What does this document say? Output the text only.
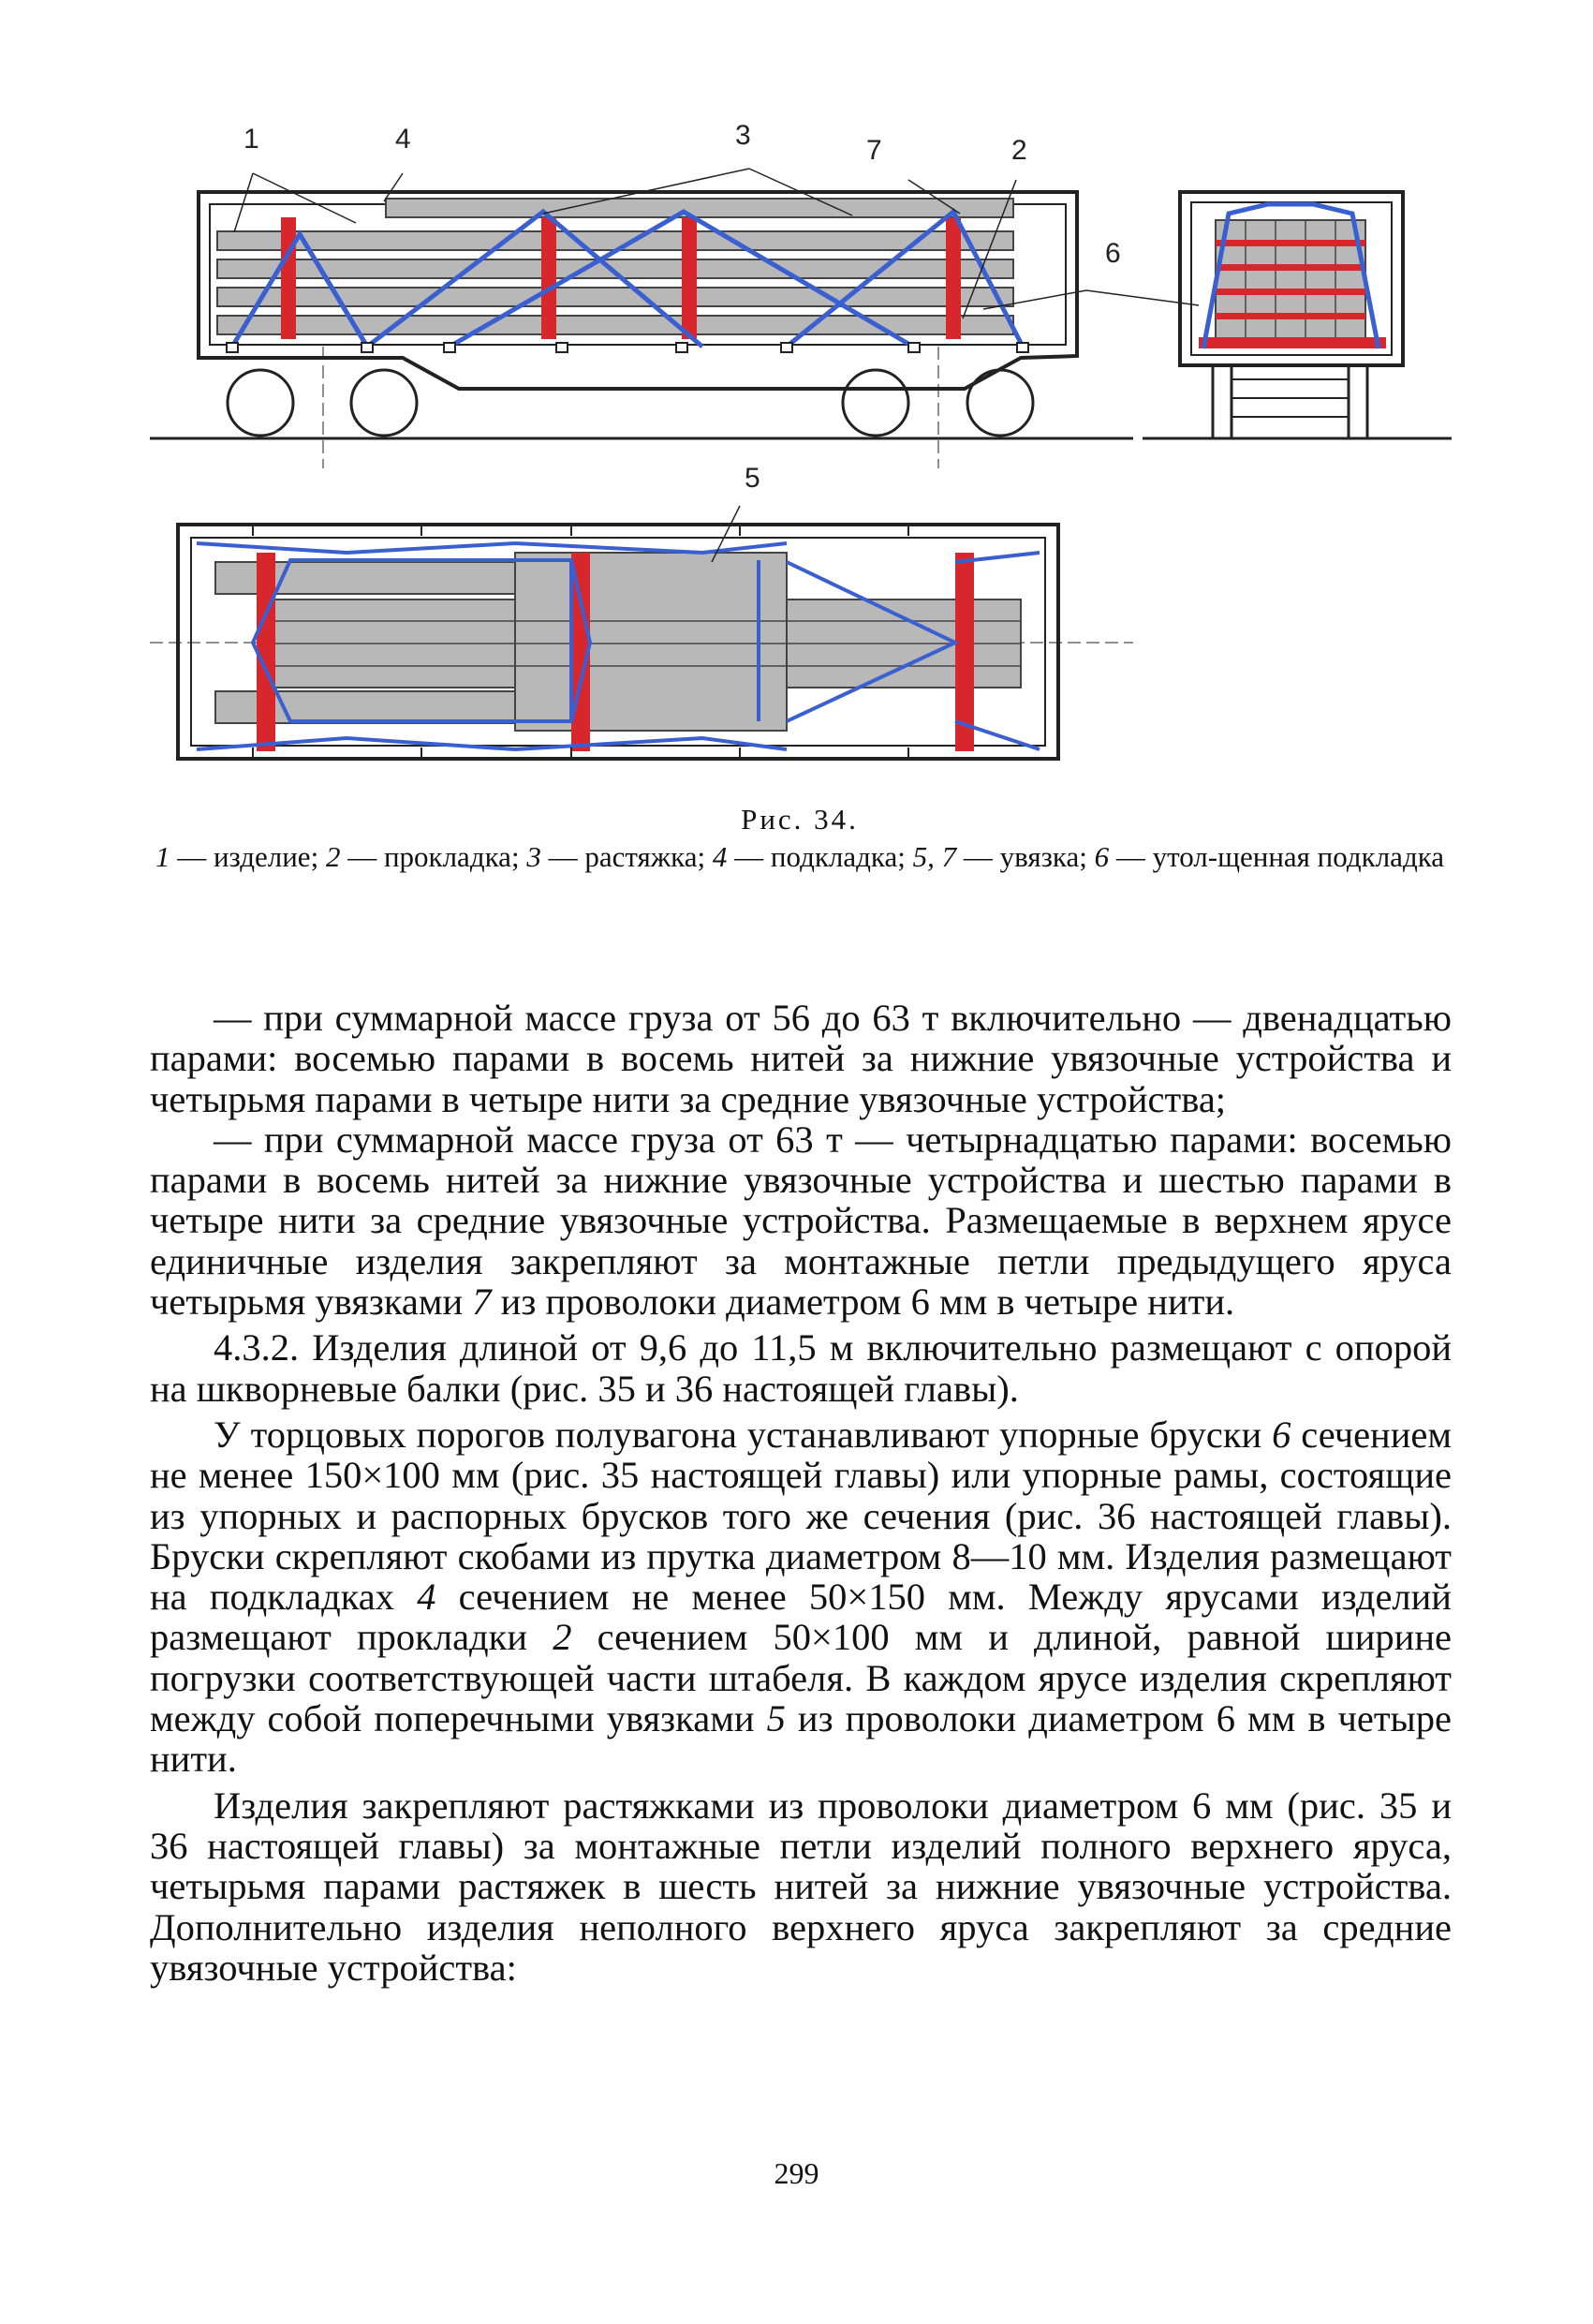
1	4	3	7	2
6
5
Рис. 34.
1 — изделие; 2 — прокладка; 3 — растяжка; 4 — подкладка; 5, 7 — увязка; 6 — утол-щенная подкладка

— при суммарной массе груза от 56 до 63 т включительно — двенадцатью парами: восемью парами в восемь нитей за нижние увязочные устройства и четырьмя парами в четыре нити за средние увязочные устройства;

— при суммарной массе груза от 63 т — четырнадцатью парами: восемью парами в восемь нитей за нижние увязочные устройства и шестью парами в четыре нити за средние увязочные устройства. Размещаемые в верхнем ярусе единичные изделия закрепляют за монтажные петли предыдущего яруса четырьмя увязками 7 из проволоки диаметром 6 мм в четыре нити.

4.3.2. Изделия длиной от 9,6 до 11,5 м включительно размещают с опорой на шкворневые балки (рис. 35 и 36 настоящей главы).

У торцовых порогов полувагона устанавливают упорные бруски 6 сечением не менее 150×100 мм (рис. 35 настоящей главы) или упорные рамы, состоящие из упорных и распорных брусков того же сечения (рис. 36 настоящей главы). Бруски скрепляют скобами из прутка диаметром 8—10 мм. Изделия размещают на подкладках 4 сечением не менее 50×150 мм. Между ярусами изделий размещают прокладки 2 сечением 50×100 мм и длиной, равной ширине погрузки соответствующей части штабеля. В каждом ярусе изделия скрепляют между собой поперечными увязками 5 из проволоки диаметром 6 мм в четыре нити.

Изделия закрепляют растяжками из проволоки диаметром 6 мм (рис. 35 и 36 настоящей главы) за монтажные петли изделий полного верхнего яруса, четырьмя парами растяжек в шесть нитей за нижние увязочные устройства. Дополнительно изделия неполного верхнего яруса закрепляют за средние увязочные устройства:

299
